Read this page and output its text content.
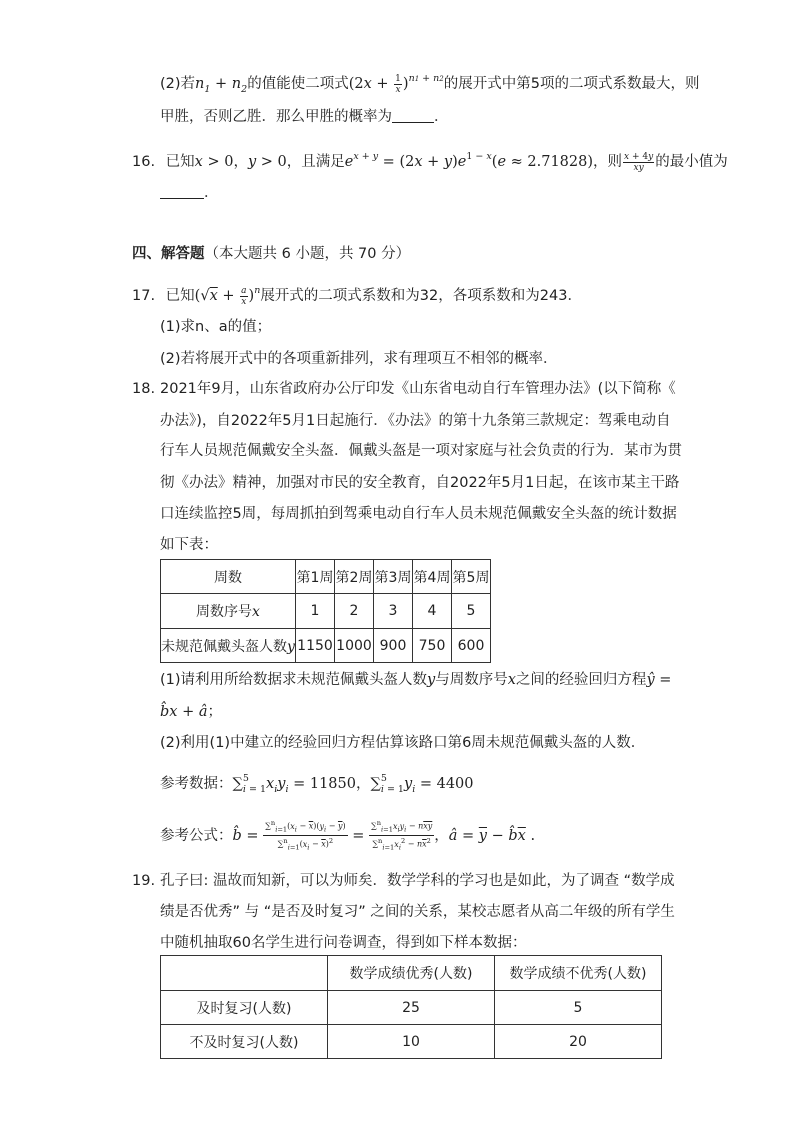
(2)若$n_1 + n_2$的值能使二项式$(2x + \frac{1}{x} )^{n1 + n2}$的展开式中第5项的二项式系数最大，则
甲胜，否则乙胜．那么甲胜的概率为	．
16. 已知x > 0，y > 0，且满足$e^{x + y} = (2x + y)e^{1 - x}(e \approx 2.71828)$，则 $\frac{x + 4y}{xy}$ 的最小值为
．
四、解答题（本大题共 6 小题，共 70 分）
17. 已知$(√x + \frac{a}{x} )^n$展开式的二项式系数和为32，各项系数和为243．
(1)求n、a的值；
(2)若将展开式中的各项重新排列，求有理项互不相邻的概率．
18. 2021年9月，山东省政府办公厅印发《山东省电动自行车管理办法》(以下简称《
办法》)，自2022年5月1日起施行．《办法》的第十九条第三款规定：驾乘电动自
行车人员规范佩戴安全头盔．佩戴头盔是一项对家庭与社会负责的行为．某市为贯
彻《办法》精神，加强对市民的安全教育，自2022年5月1日起，在该市某主干路
口连续监控5周，每周抓拍到驾乘电动自行车人员未规范佩戴安全头盔的统计数据
如下表：
周数	第1周	第2周	第3周	第4周	第5周
周数序号x	1	2	3	4	5
未规范佩戴头盔人数y	1150	1000	900	750	600
(1)请利用所给数据求未规范佩戴头盔人数y与周数序号x之间的经验回归方程ŷ =
b̂x + â；
(2)利用(1)中建立的经验回归方程估算该路口第6周未规范佩戴头盔的人数．
参考数据：$\sum^5_{i = 1}x_iy_i = 11850$，$\sum^5_{i = 1}y_i = 4400$
参考公式：b̂ = $\frac{\sum^n_{i=1}(x_i - \overline{x})(y_i - \overline{y})}{\sum^n_{i=1}(x_i - \overline{x})^2} = \frac{\sum^n_{i=1}x_iy_i - n\overline{xy}}{\sum^n_{i=1}x_i^2 - n\overline{x}^2}$ ，â = $\overline{y}$ − $b̂\overline{x}$ .
19. 孔子曰: 温故而知新，可以为师矣．数学学科的学习也是如此，为了调查 “数学成
绩是否优秀” 与 “是否及时复习” 之间的关系，某校志愿者从高二年级的所有学生
中随机抽取60名学生进行问卷调查，得到如下样本数据：
	数学成绩优秀(人数)	数学成绩不优秀(人数)
及时复习(人数)	25	5
不及时复习(人数)	10	20
